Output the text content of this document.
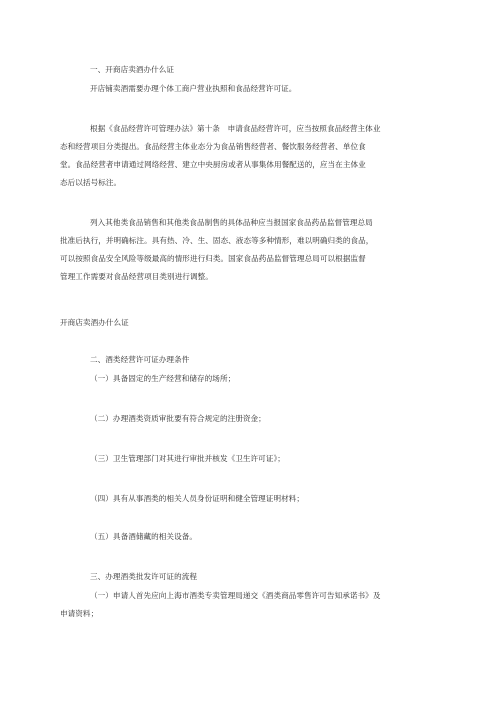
一、开商店卖酒办什么证
开店铺卖酒需要办理个体工商户营业执照和食品经营许可证。
根据《食品经营许可管理办法》第十条　申请食品经营许可，应当按照食品经营主体业
态和经营项目分类提出。食品经营主体业态分为食品销售经营者、餐饮服务经营者、单位食
堂。食品经营者申请通过网络经营、建立中央厨房或者从事集体用餐配送的，应当在主体业
态后以括号标注。
列入其他类食品销售和其他类食品制售的具体品种应当报国家食品药品监督管理总局
批准后执行，并明确标注。具有热、冷、生、固态、液态等多种情形，难以明确归类的食品，
可以按照食品安全风险等级最高的情形进行归类。国家食品药品监督管理总局可以根据监督
管理工作需要对食品经营项目类别进行调整。
开商店卖酒办什么证
二、酒类经营许可证办理条件
（一）具备固定的生产经营和储存的场所；
（二）办理酒类资质审批要有符合规定的注册资金；
（三）卫生管理部门对其进行审批并核发《卫生许可证》；
（四）具有从事酒类的相关人员身份证明和健全管理证明材料；
（五）具备酒储藏的相关设备。
三、办理酒类批发许可证的流程
（一）申请人首先应向上海市酒类专卖管理局递交《酒类商品零售许可告知承诺书》及
申请资料；
